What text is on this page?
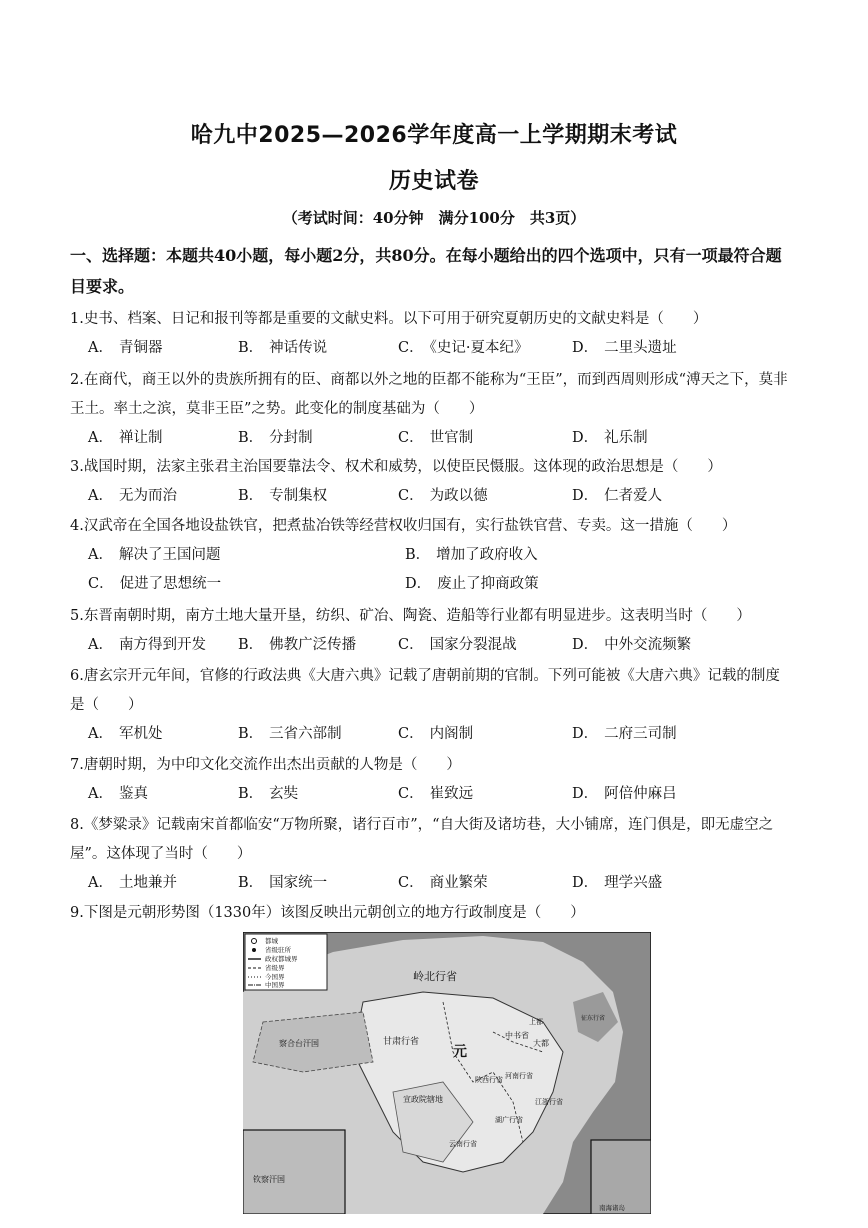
哈九中2025—2026学年度高一上学期期末考试
历史试卷
（考试时间：40分钟　满分100分　共3页）
一、选择题：本题共40小题，每小题2分，共80分。在每小题给出的四个选项中，只有一项最符合题目要求。
1.史书、档案、日记和报刊等都是重要的文献史料。以下可用于研究夏朝历史的文献史料是（　　）
A． 青铜器	B． 神话传说	C． 《史记·夏本纪》	D． 二里头遗址
2.在商代，商王以外的贵族所拥有的臣、商都以外之地的臣都不能称为“王臣”，而到西周则形成“溥天之下，莫非王土。率土之滨，莫非王臣”之势。此变化的制度基础为（　　）
A． 禅让制	B． 分封制	C． 世官制	D． 礼乐制
3.战国时期，法家主张君主治国要靠法令、权术和威势，以使臣民慑服。这体现的政治思想是（　　）
A． 无为而治	B． 专制集权	C． 为政以德	D． 仁者爱人
4.汉武帝在全国各地设盐铁官，把煮盐冶铁等经营权收归国有，实行盐铁官营、专卖。这一措施（　　）
A． 解决了王国问题	B． 增加了政府收入
C． 促进了思想统一	D． 废止了抑商政策
5.东晋南朝时期，南方土地大量开垦，纺织、矿冶、陶瓷、造船等行业都有明显进步。这表明当时（　　）
A． 南方得到开发 B． 佛教广泛传播	C． 国家分裂混战	D． 中外交流频繁
6.唐玄宗开元年间，官修的行政法典《大唐六典》记载了唐朝前期的官制。下列可能被《大唐六典》记载的制度是（　　）
A． 军机处	B． 三省六部制	C． 内阁制	D． 二府三司制
7.唐朝时期，为中印文化交流作出杰出贡献的人物是（　　）
A． 鉴真	B． 玄奘	C． 崔致远	D． 阿倍仲麻吕
8.《梦粱录》记载南宋首都临安“万物所聚，诸行百市”，“自大街及诸坊巷，大小铺席，连门俱是，即无虚空之屋”。这体现了当时（　　）
A． 土地兼并	B． 国家统一	C． 商业繁荣	D． 理学兴盛
9.下图是元朝形势图（1330年）该图反映出元朝创立的地方行政制度是（　　）
都城
省级驻所
政权都城界
省级界
今国界
中国界
岭北行省
甘肃行省
元
陕西行省
中书省
大都
上都
河南行省
湖广行省
江浙行省
宣政院辖地
察合台汗国
云南行省
征东行省
钦察汗国
南海诸岛
